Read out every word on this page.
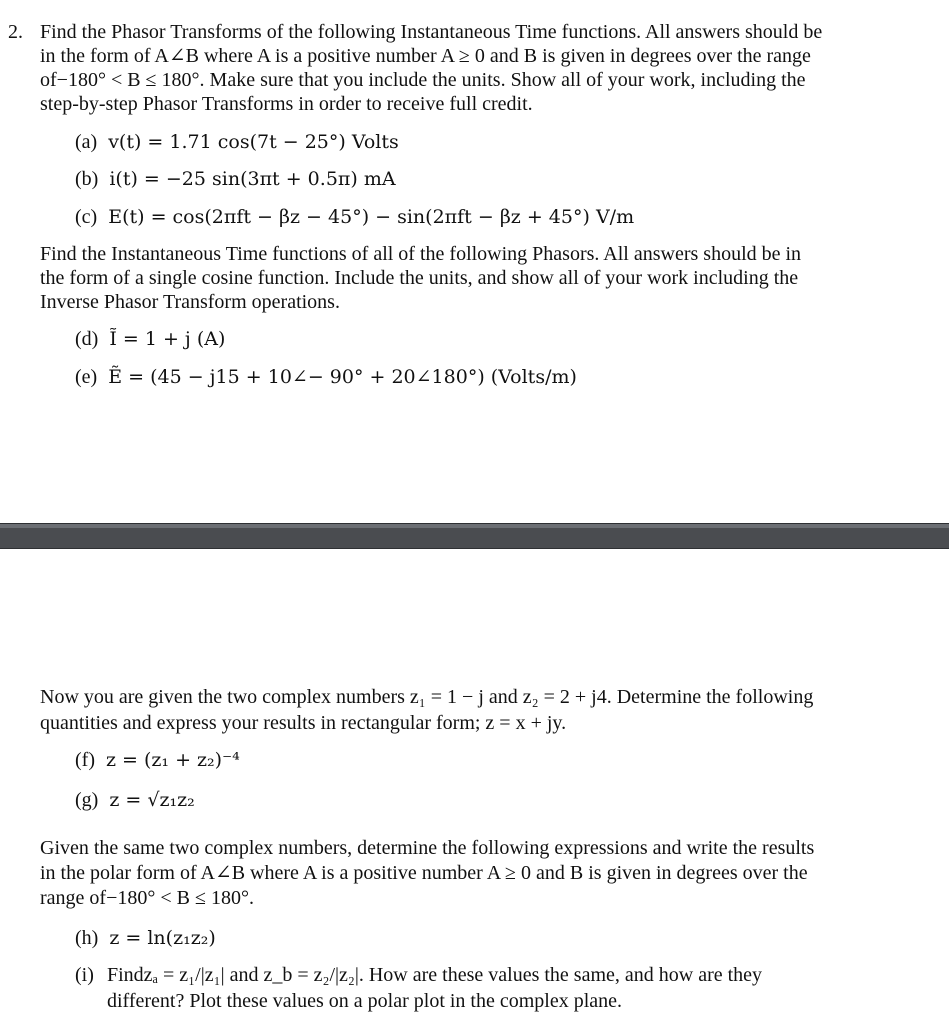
2. Find the Phasor Transforms of the following Instantaneous Time functions. All answers should be in the form of A∠B where A is a positive number A ≥ 0 and B is given in degrees over the range of−180° < B ≤ 180°. Make sure that you include the units. Show all of your work, including the step-by-step Phasor Transforms in order to receive full credit.
(a) v(t) = 1.71 cos(7t − 25°) Volts
(b) i(t) = −25 sin(3πt + 0.5π) mA
(c) E(t) = cos(2πft − βz − 45°) − sin(2πft − βz + 45°) V/m
Find the Instantaneous Time functions of all of the following Phasors. All answers should be in the form of a single cosine function. Include the units, and show all of your work including the Inverse Phasor Transform operations.
(d) Ĩ = 1 + j (A)
(e) Ẽ = (45 − j15 + 10∠− 90° + 20∠180°) (Volts/m)
Now you are given the two complex numbers z₁ = 1 − j and z₂ = 2 + j4. Determine the following quantities and express your results in rectangular form; z = x + jy.
(f) z = (z₁ + z₂)⁻⁴
(g) z = √z₁z₂
Given the same two complex numbers, determine the following expressions and write the results in the polar form of A∠B where A is a positive number A ≥ 0 and B is given in degrees over the range of−180° < B ≤ 180°.
(h) z = ln(z₁z₂)
(i) Findzₐ = z₁/|z₁| and z_b = z₂/|z₂|. How are these values the same, and how are they different? Plot these values on a polar plot in the complex plane.
